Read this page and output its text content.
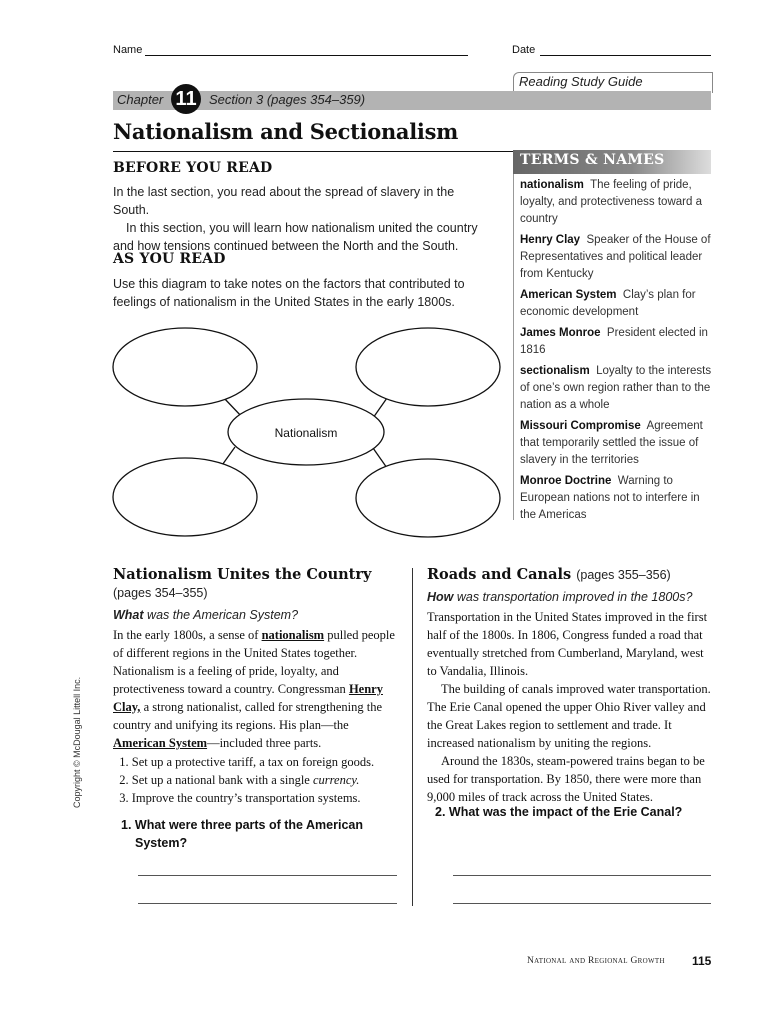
Name	Date
Reading Study Guide
Chapter 11 Section 3 (pages 354–359)
Nationalism and Sectionalism
BEFORE YOU READ
In the last section, you read about the spread of slavery in the South.
In this section, you will learn how nationalism united the country and how tensions continued between the North and the South.
AS YOU READ
Use this diagram to take notes on the factors that contributed to feelings of nationalism in the United States in the early 1800s.
Nationalism
TERMS & NAMES
nationalism The feeling of pride, loyalty, and protectiveness toward a country
Henry Clay Speaker of the House of Representatives and political leader from Kentucky
American System Clay’s plan for economic development
James Monroe President elected in 1816
sectionalism Loyalty to the interests of one’s own region rather than to the nation as a whole
Missouri Compromise Agreement that temporarily settled the issue of slavery in the territories
Monroe Doctrine Warning to European nations not to interfere in the Americas
Nationalism Unites the Country
(pages 354–355)
What was the American System?
In the early 1800s, a sense of nationalism pulled people of different regions in the United States together. Nationalism is a feeling of pride, loyalty, and protectiveness toward a country. Congressman Henry Clay, a strong nationalist, called for strengthening the country and unifying its regions. His plan—the
American System—included three parts.
1. Set up a protective tariff, a tax on foreign goods.
2. Set up a national bank with a single currency.
3. Improve the country’s transportation systems.
1. What were three parts of the American System?
Roads and Canals (pages 355–356)
How was transportation improved in the 1800s?
Transportation in the United States improved in the first half of the 1800s. In 1806, Congress funded a road that eventually stretched from Cumberland, Maryland, west to Vandalia, Illinois.
The building of canals improved water transportation. The Erie Canal opened the upper Ohio River valley and the Great Lakes region to settlement and trade. It increased nationalism by uniting the regions.
Around the 1830s, steam-powered trains began to be used for transportation. By 1850, there were more than 9,000 miles of track across the United States.
2. What was the impact of the Erie Canal?
Copyright © McDougal Littell Inc.
National and Regional Growth 115
